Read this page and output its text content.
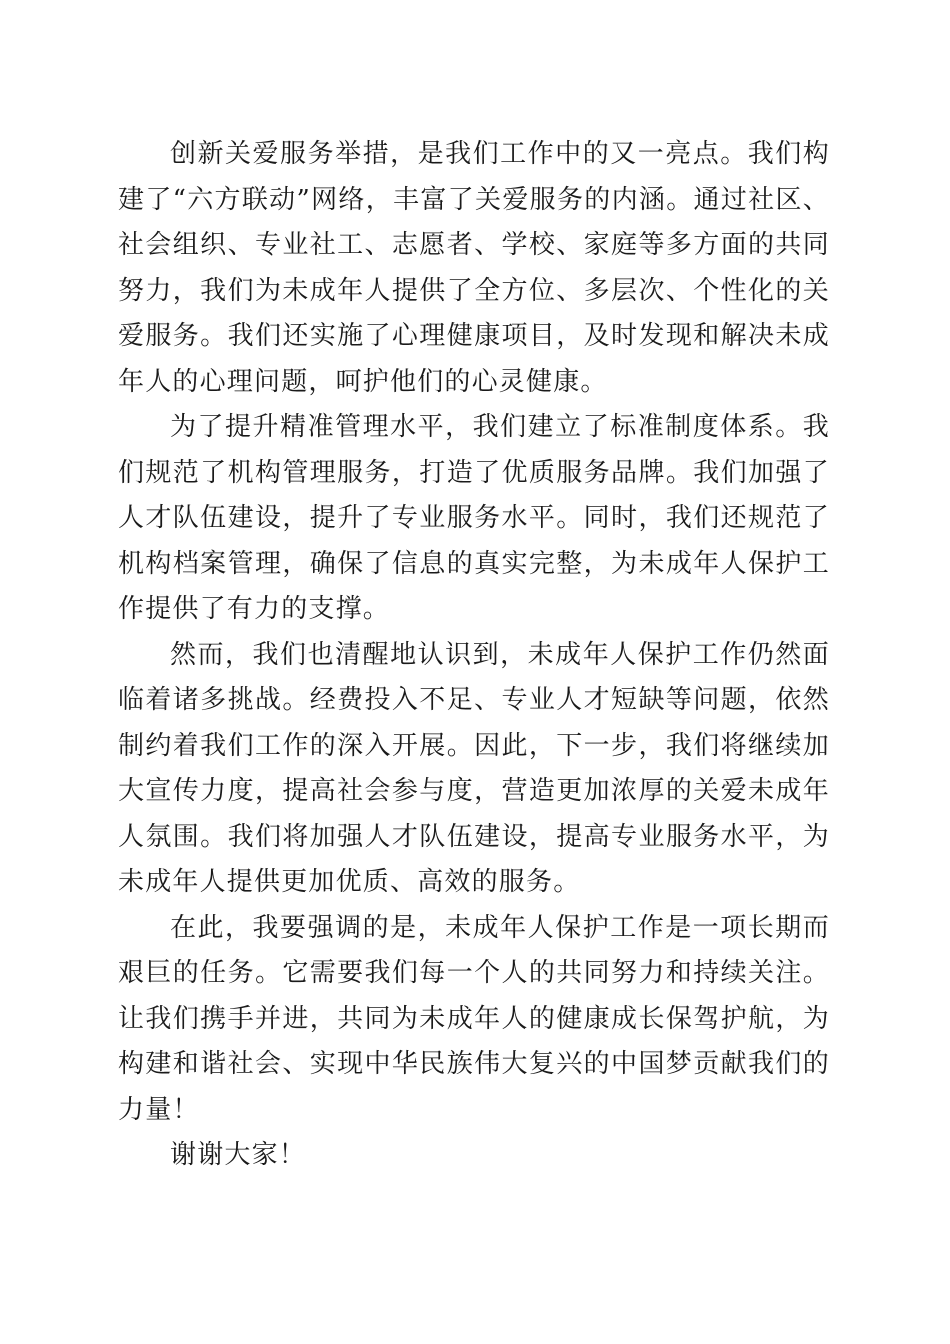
创新关爱服务举措，是我们工作中的又一亮点。我们构建了“六方联动”网络，丰富了关爱服务的内涵。通过社区、社会组织、专业社工、志愿者、学校、家庭等多方面的共同努力，我们为未成年人提供了全方位、多层次、个性化的关爱服务。我们还实施了心理健康项目，及时发现和解决未成年人的心理问题，呵护他们的心灵健康。

为了提升精准管理水平，我们建立了标准制度体系。我们规范了机构管理服务，打造了优质服务品牌。我们加强了人才队伍建设，提升了专业服务水平。同时，我们还规范了机构档案管理，确保了信息的真实完整，为未成年人保护工作提供了有力的支撑。

然而，我们也清醒地认识到，未成年人保护工作仍然面临着诸多挑战。经费投入不足、专业人才短缺等问题，依然制约着我们工作的深入开展。因此，下一步，我们将继续加大宣传力度，提高社会参与度，营造更加浓厚的关爱未成年人氛围。我们将加强人才队伍建设，提高专业服务水平，为未成年人提供更加优质、高效的服务。

在此，我要强调的是，未成年人保护工作是一项长期而艰巨的任务。它需要我们每一个人的共同努力和持续关注。让我们携手并进，共同为未成年人的健康成长保驾护航，为构建和谐社会、实现中华民族伟大复兴的中国梦贡献我们的力量！

谢谢大家！
